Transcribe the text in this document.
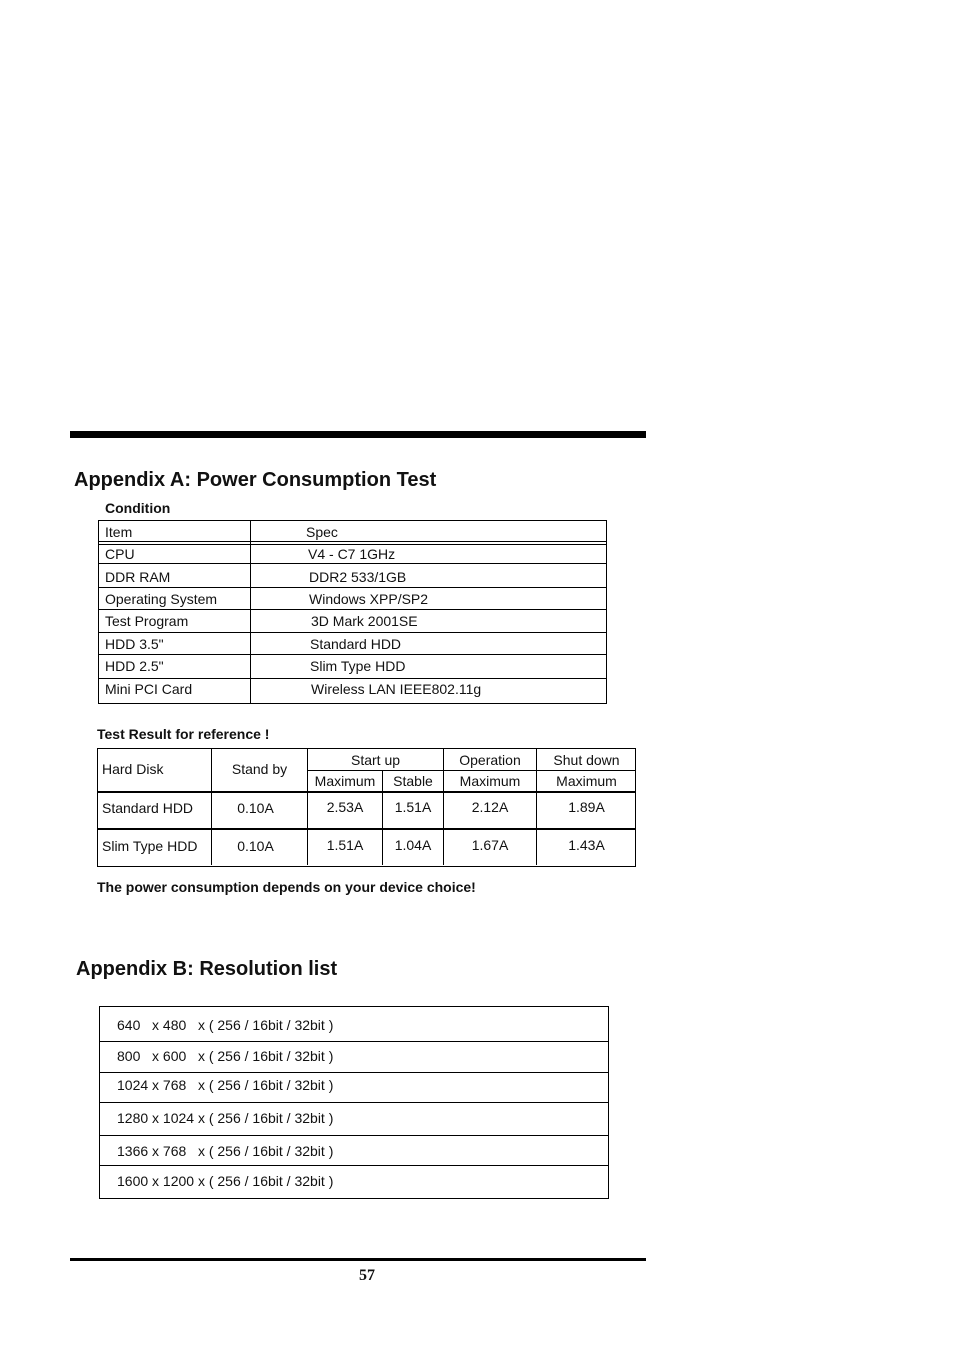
Appendix A: Power Consumption Test
Condition
Item	Spec
CPU	V4 - C7 1GHz
DDR RAM	DDR2 533/1GB
Operating System	Windows XPP/SP2
Test Program	3D Mark 2001SE
HDD 3.5"	Standard HDD
HDD 2.5"	Slim Type HDD
Mini PCI Card	Wireless LAN IEEE802.11g
Test Result for reference !
Hard Disk	Stand by
Start up	Operation	Shut down
Maximum	Stable	Maximum	Maximum
Standard HDD	0.10A	2.53A	1.51A	2.12A	1.89A
Slim Type HDD	0.10A	1.51A	1.04A	1.67A	1.43A
The power consumption depends on your device choice!
Appendix B: Resolution list
640   x 480   x ( 256 / 16bit / 32bit )
800   x 600   x ( 256 / 16bit / 32bit )
1024 x 768   x ( 256 / 16bit / 32bit )
1280 x 1024 x ( 256 / 16bit / 32bit )
1366 x 768   x ( 256 / 16bit / 32bit )
1600 x 1200 x ( 256 / 16bit / 32bit )
57
